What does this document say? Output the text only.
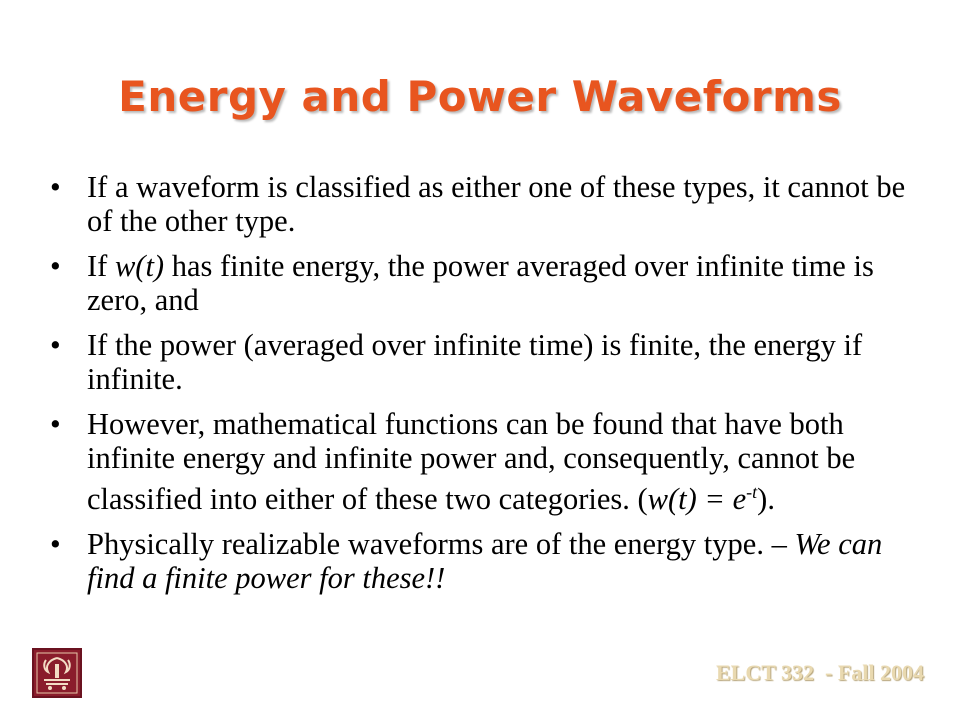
Energy and Power Waveforms
• If a waveform is classified as either one of these types, it cannot be of the other type.
• If w(t) has finite energy, the power averaged over infinite time is zero, and
• If the power (averaged over infinite time) is finite, the energy if infinite.
• However, mathematical functions can be found that have both infinite energy and infinite power and, consequently, cannot be classified into either of these two categories. $(w(t) = e^{-t})$.
• Physically realizable waveforms are of the energy type. – We can find a finite power for these!!
ELCT 332  - Fall 2004
